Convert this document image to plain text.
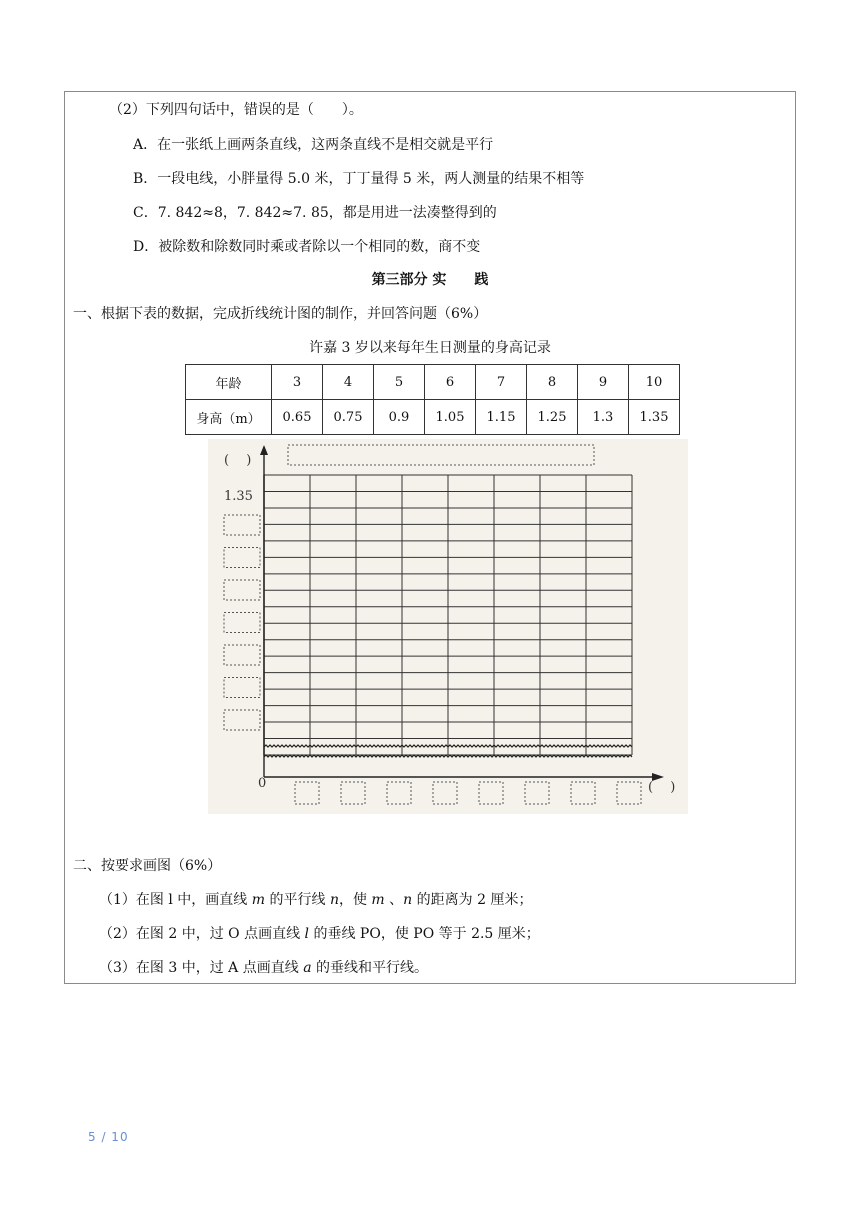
（2）下列四句话中，错误的是（　　）。
A．在一张纸上画两条直线，这两条直线不是相交就是平行
B．一段电线，小胖量得 5.0 米，丁丁量得 5 米，两人测量的结果不相等
C．7. 842≈8，7. 842≈7. 85，都是用进一法凑整得到的
D．被除数和除数同时乘或者除以一个相同的数，商不变
第三部分 实　　践
一、根据下表的数据，完成折线统计图的制作，并回答问题（6%）
许嘉 3 岁以来每年生日测量的身高记录
年龄	3	4	5	6	7	8	9	10
身高（m）	0.65	0.75	0.9	1.05	1.15	1.25	1.3	1.35
(　 )
1.35
0	(　 )
二、按要求画图（6%）
（1）在图 l 中，画直线 m 的平行线 n，使 m 、n 的距离为 2 厘米；
（2）在图 2 中，过 O 点画直线 l 的垂线 PO，使 PO 等于 2.5 厘米；
（3）在图 3 中，过 A 点画直线 a 的垂线和平行线。
5 / 10
